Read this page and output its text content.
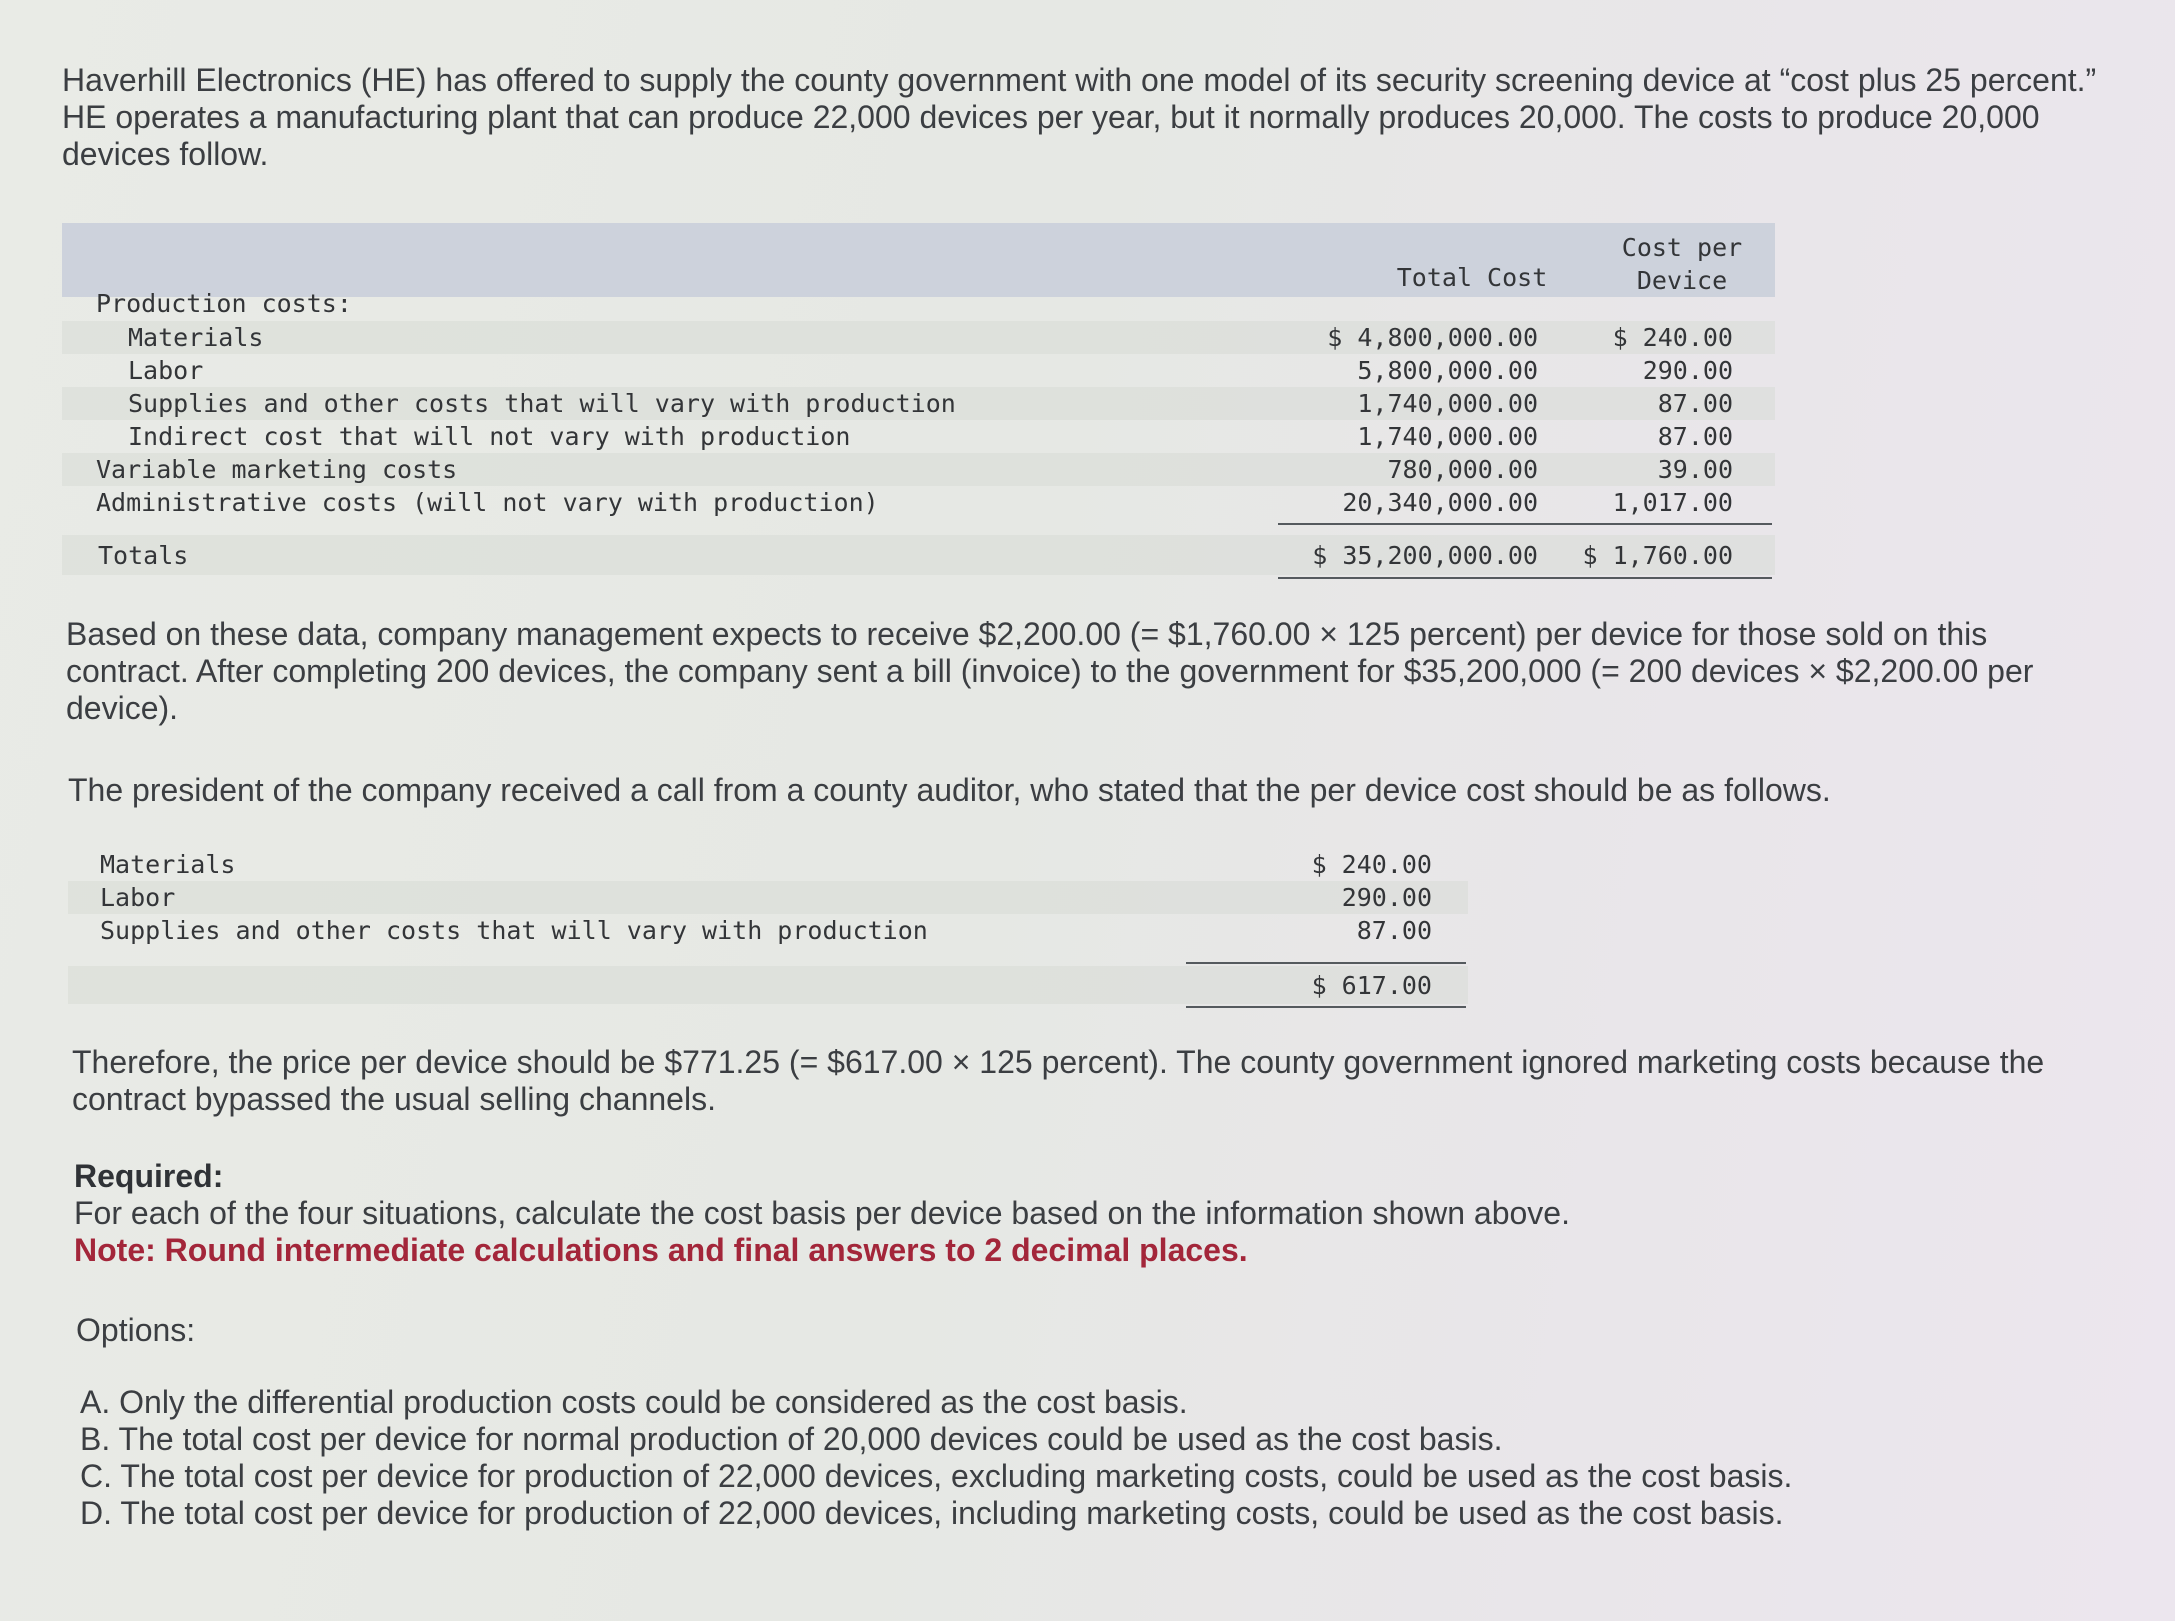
Haverhill Electronics (HE) has offered to supply the county government with one model of its security screening device at “cost plus 25 percent.” HE operates a manufacturing plant that can produce 22,000 devices per year, but it normally produces 20,000. The costs to produce 20,000 devices follow.
Total Cost
Cost per
Device
Production costs:
Materials	$ 4,800,000.00	$ 240.00
Labor	5,800,000.00	290.00
Supplies and other costs that will vary with production	1,740,000.00	87.00
Indirect cost that will not vary with production	1,740,000.00	87.00
Variable marketing costs	780,000.00	39.00
Administrative costs (will not vary with production)	20,340,000.00	1,017.00
Totals	$ 35,200,000.00 $ 1,760.00
Based on these data, company management expects to receive $2,200.00 (= $1,760.00 × 125 percent) per device for those sold on this contract. After completing 200 devices, the company sent a bill (invoice) to the government for $35,200,000 (= 200 devices × $2,200.00 per device).
The president of the company received a call from a county auditor, who stated that the per device cost should be as follows.
Materials	$ 240.00
Labor	290.00
Supplies and other costs that will vary with production	87.00
$ 617.00
Therefore, the price per device should be $771.25 (= $617.00 × 125 percent). The county government ignored marketing costs because the contract bypassed the usual selling channels.
Required:
For each of the four situations, calculate the cost basis per device based on the information shown above.
Note: Round intermediate calculations and final answers to 2 decimal places.
Options:
A. Only the differential production costs could be considered as the cost basis.
B. The total cost per device for normal production of 20,000 devices could be used as the cost basis.
C. The total cost per device for production of 22,000 devices, excluding marketing costs, could be used as the cost basis.
D. The total cost per device for production of 22,000 devices, including marketing costs, could be used as the cost basis.
